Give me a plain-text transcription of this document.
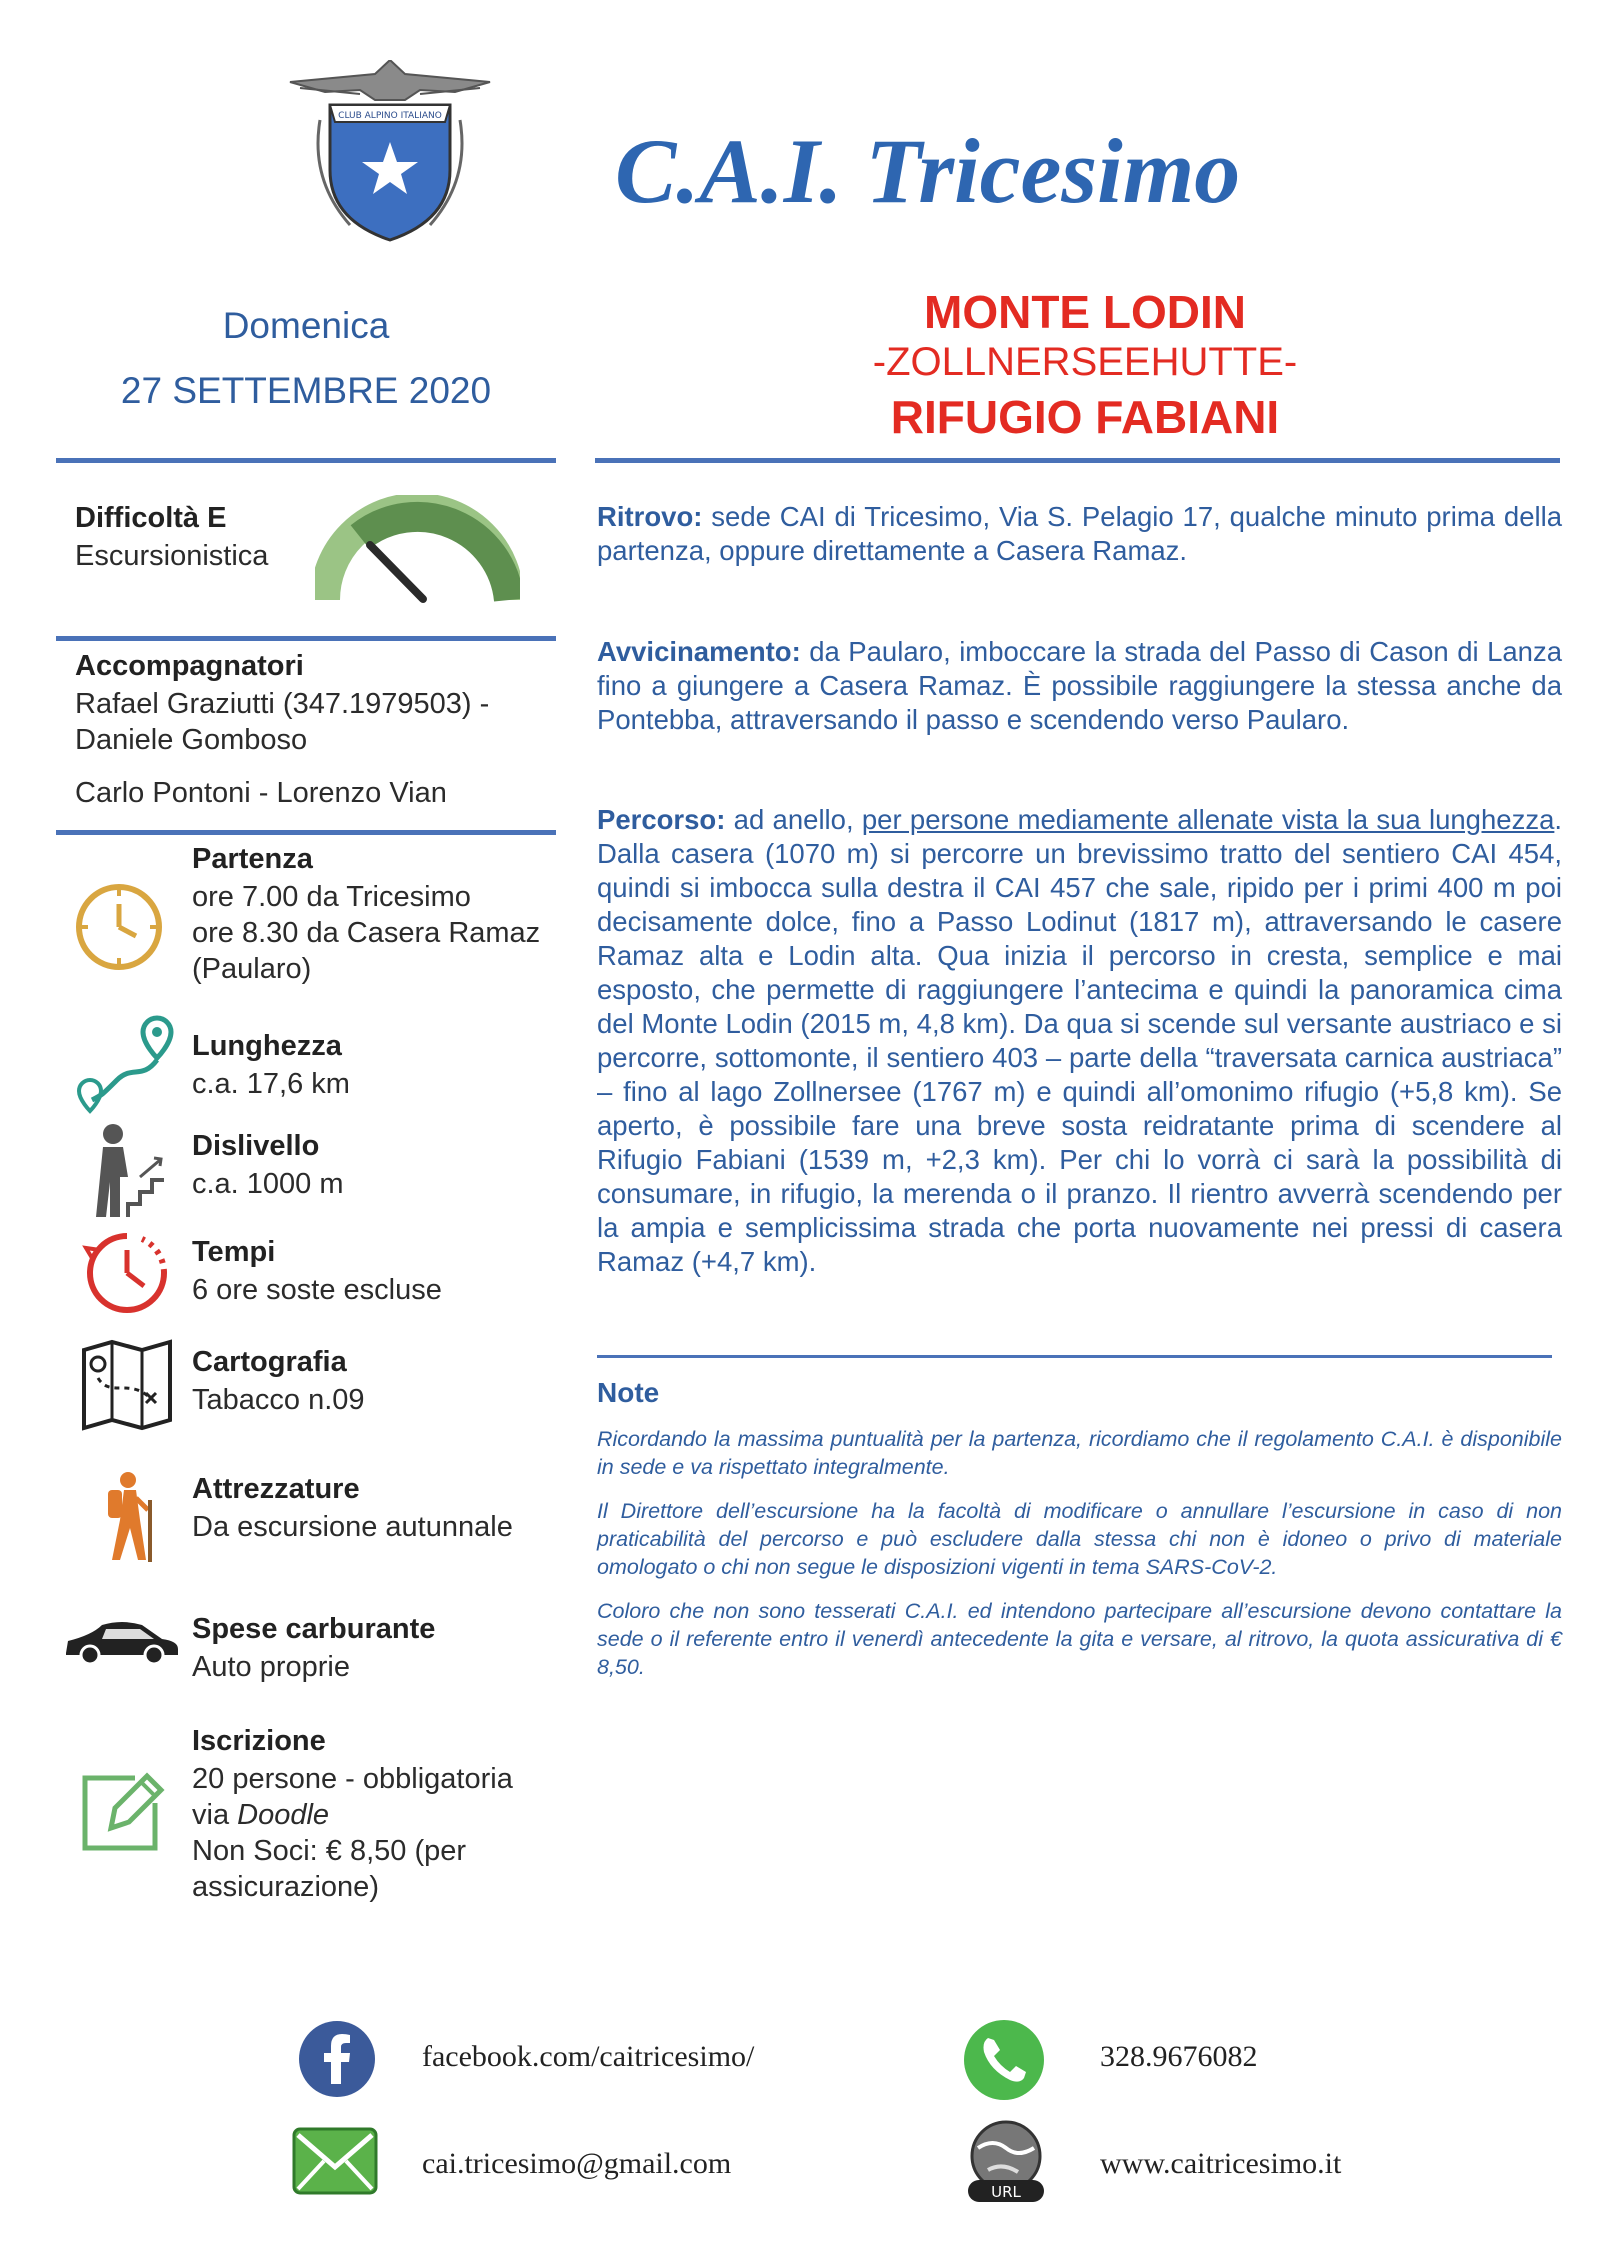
CLUB ALPINO ITALIANO
C.A.I. Tricesimo
Domenica
27 SETTEMBRE 2020
MONTE LODIN
-ZOLLNERSEEHUTTE-
RIFUGIO FABIANI
Difficoltà E
Escursionistica
Accompagnatori
Rafael Graziutti (347.1979503) -
Daniele Gomboso
Carlo Pontoni - Lorenzo Vian
Partenza
ore 7.00 da Tricesimo
ore 8.30 da Casera Ramaz
(Paularo)
Lunghezza
c.a. 17,6 km
Dislivello
c.a. 1000 m
Tempi
6 ore soste escluse
Cartografia
Tabacco n.09
Attrezzature
Da escursione autunnale
Spese carburante
Auto proprie
Iscrizione
20 persone - obbligatoria
via Doodle
Non Soci: € 8,50 (per
assicurazione)
Ritrovo: sede CAI di Tricesimo, Via S. Pelagio 17, qualche minuto prima della partenza, oppure direttamente a Casera Ramaz.
Avvicinamento: da Paularo, imboccare la strada del Passo di Cason di Lanza fino a giungere a Casera Ramaz. È possibile raggiungere la stessa anche da Pontebba, attraversando il passo e scendendo verso Paularo.
Percorso: ad anello, per persone mediamente allenate vista la sua lunghezza. Dalla casera (1070 m) si percorre un brevissimo tratto del sentiero CAI 454, quindi si imbocca sulla destra il CAI 457 che sale, ripido per i primi 400 m poi decisamente dolce, fino a Passo Lodinut (1817 m), attraversando le casere Ramaz alta e Lodin alta. Qua inizia il percorso in cresta, semplice e mai esposto, che permette di raggiungere l’antecima e quindi la panoramica cima del Monte Lodin (2015 m, 4,8 km). Da qua si scende sul versante austriaco e si percorre, sottomonte, il sentiero 403 – parte della “traversata carnica austriaca” – fino al lago Zollnersee (1767 m) e quindi all’omonimo rifugio (+5,8 km). Se aperto, è possibile fare una breve sosta reidratante prima di scendere al Rifugio Fabiani (1539 m, +2,3 km). Per chi lo vorrà ci sarà la possibilità di consumare, in rifugio, la merenda o il pranzo. Il rientro avverrà scendendo per la ampia e semplicissima strada che porta nuovamente nei pressi di casera Ramaz (+4,7 km).
Note
Ricordando la massima puntualità per la partenza, ricordiamo che il regolamento C.A.I. è disponibile in sede e va rispettato integralmente.
Il Direttore dell’escursione ha la facoltà di modificare o annullare l’escursione in caso di non praticabilità del percorso e può escludere dalla stessa chi non è idoneo o privo di materiale omologato o chi non segue le disposizioni vigenti in tema SARS-CoV-2.
Coloro che non sono tesserati C.A.I. ed intendono partecipare all’escursione devono contattare la sede o il referente entro il venerdì antecedente la gita e versare, al ritrovo, la quota assicurativa di € 8,50.
facebook.com/caitricesimo/	328.9676082
cai.tricesimo@gmail.com
URL
www.caitricesimo.it
